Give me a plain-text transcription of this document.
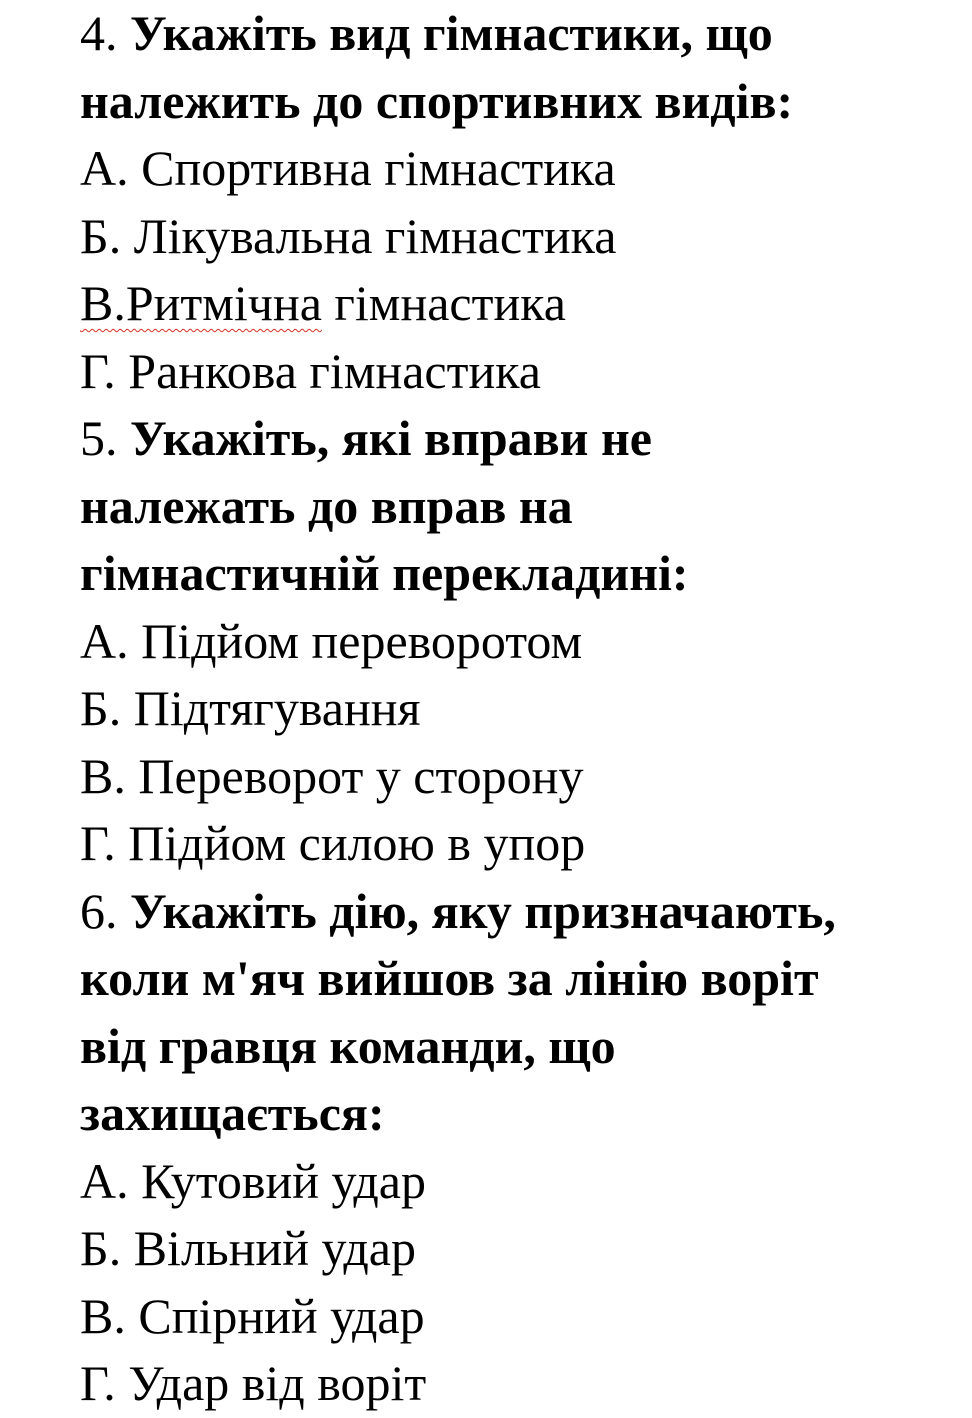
4. Укажіть вид гімнастики, що
належить до спортивних видів:
А. Спортивна гімнастика
Б. Лікувальна гімнастика
В.Ритмічна гімнастика
Г. Ранкова гімнастика
5. Укажіть, які вправи не
належать до вправ на
гімнастичній перекладині:
А. Підйом переворотом
Б. Підтягування
В. Переворот у сторону
Г. Підйом силою в упор
6. Укажіть дію, яку призначають,
коли м'яч вийшов за лінію воріт
від гравця команди, що
захищається:
А. Кутовий удар
Б. Вільний удар
В. Спірний удар
Г. Удар від воріт
